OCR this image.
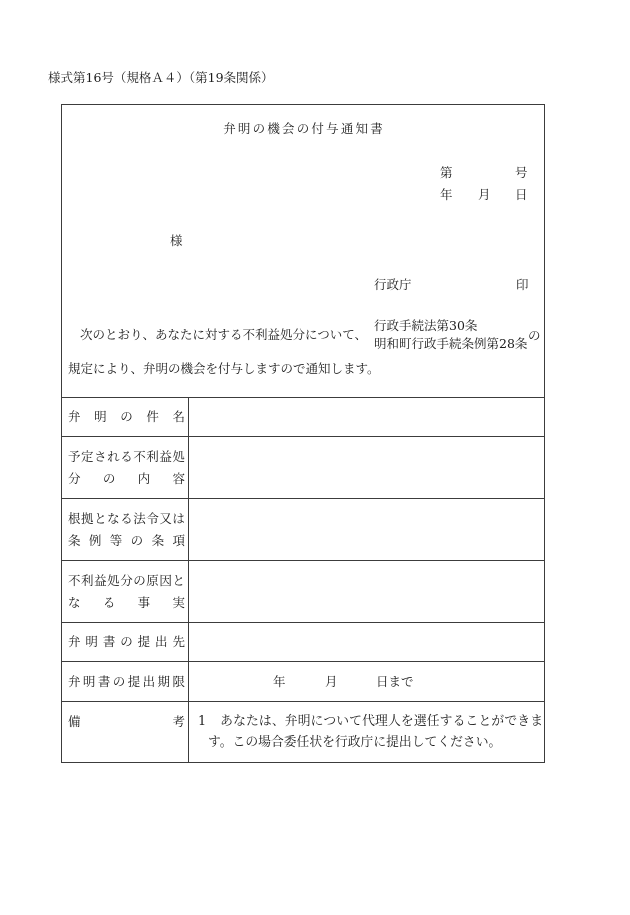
様式第16号（規格Ａ４）（第19条関係）
弁明の機会の付与通知書
第	号
年 月 日
様
行政庁	印
次のとおり、あなたに対する不利益処分について、
行政手続法第30条
明和町行政手続条例第28条
の
規定により、弁明の機会を付与しますので通知します。
弁 明 の 件 名
予 定 さ れ る 不 利 益 処
分 の 内 容
根 拠 と な る 法 令 又 は
条 例 等 の 条 項
不 利 益 処 分 の 原 因 と
な る 事 実
弁 明 書 の 提 出 先
弁 明 書 の 提 出 期 限	年	月	日まで
備	考	1 あなたは、弁明について代理人を選任することができます。この場合委任状を行政庁に提出してください。
